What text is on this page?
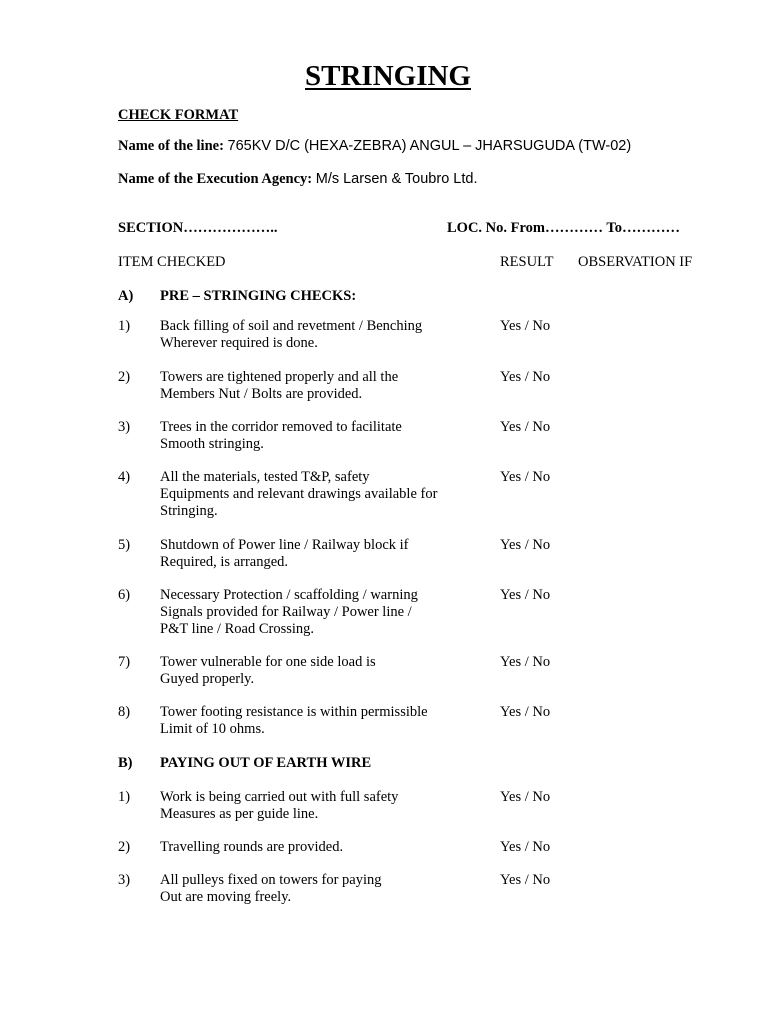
STRINGING
CHECK FORMAT
Name of the line: 765KV D/C (HEXA-ZEBRA) ANGUL – JHARSUGUDA (TW-02)
Name of the Execution Agency: M/s Larsen & Toubro Ltd.
SECTION………………..	LOC. No. From………… To…………
ITEM CHECKED	RESULT OBSERVATION IF
A) PRE – STRINGING CHECKS:
1) Back filling of soil and revetment / Benching
Wherever required is done.
Yes / No
2) Towers are tightened properly and all the
Members Nut / Bolts are provided.
Yes / No
3) Trees in the corridor removed to facilitate
Smooth stringing.
Yes / No
4) All the materials, tested T&P, safety
Equipments and relevant drawings available for
Stringing.
Yes / No
5) Shutdown of Power line / Railway block if
Required, is arranged.
Yes / No
6) Necessary Protection / scaffolding / warning
Signals provided for Railway / Power line /
P&T line / Road Crossing.
Yes / No
7) Tower vulnerable for one side load is
Guyed properly.
Yes / No
8) Tower footing resistance is within permissible
Limit of 10 ohms.
Yes / No
B) PAYING OUT OF EARTH WIRE
1) Work is being carried out with full safety
Measures as per guide line.
Yes / No
2) Travelling rounds are provided.	Yes / No
3) All pulleys fixed on towers for paying
Out are moving freely.
Yes / No
